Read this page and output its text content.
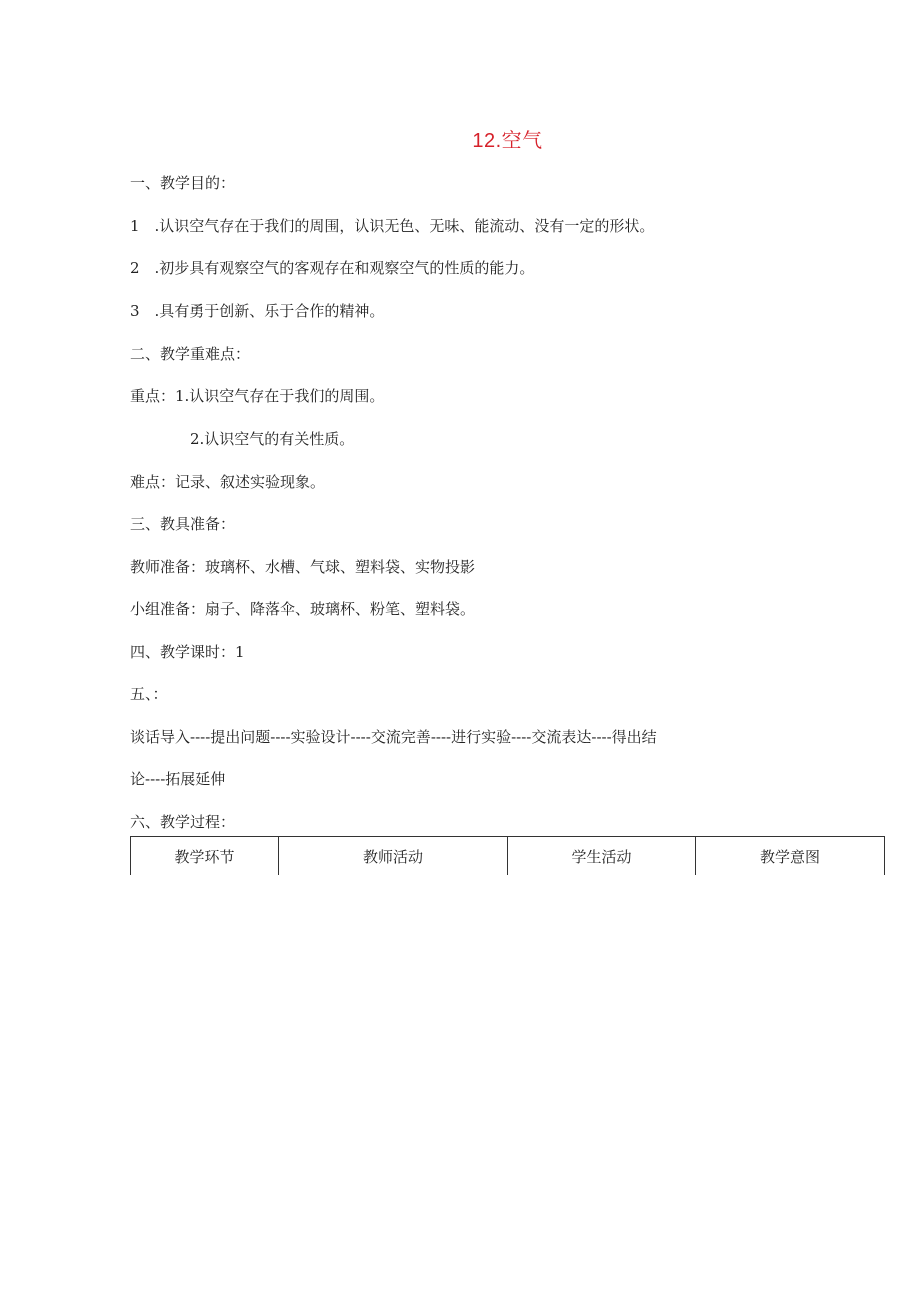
12.空气
一、教学目的：
1　.认识空气存在于我们的周围，认识无色、无味、能流动、没有一定的形状。
2　.初步具有观察空气的客观存在和观察空气的性质的能力。
3　.具有勇于创新、乐于合作的精神。
二、教学重难点：
重点：1.认识空气存在于我们的周围。
2.认识空气的有关性质。
难点：记录、叙述实验现象。
三、教具准备：
教师准备：玻璃杯、水槽、气球、塑料袋、实物投影
小组准备：扇子、降落伞、玻璃杯、粉笔、塑料袋。
四、教学课时：1
五、：
谈话导入----提出问题----实验设计----交流完善----进行实验----交流表达----得出结
论----拓展延伸
六、教学过程：
教学环节	教师活动	学生活动	教学意图
